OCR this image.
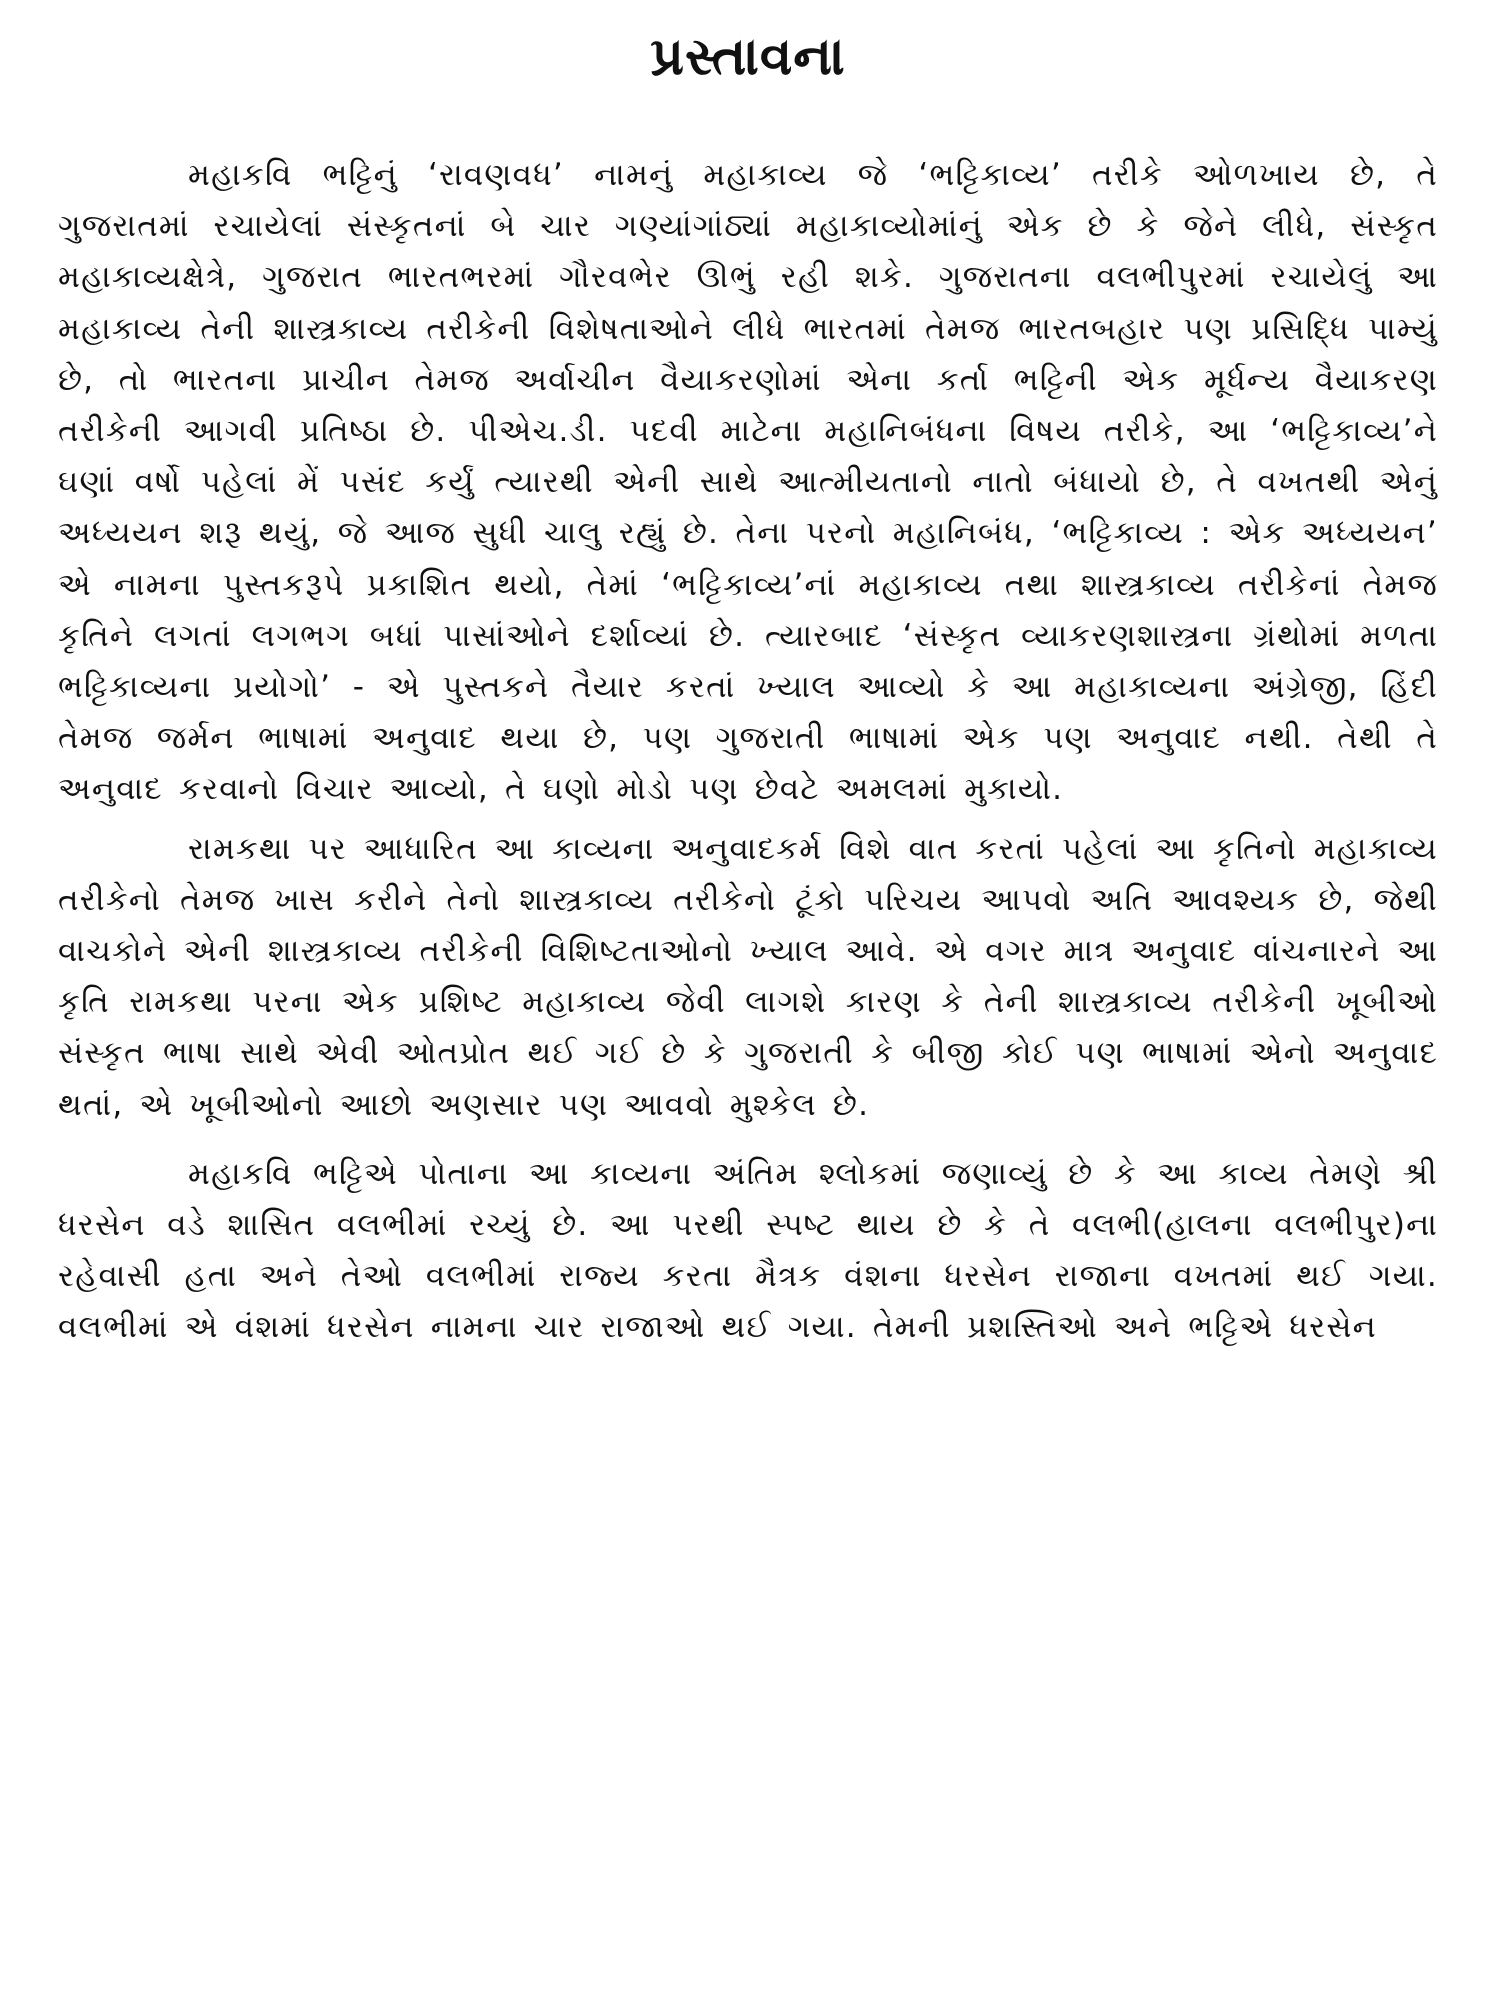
પ્રસ્તાવના

મહાકવિ ભટ્ટિનું ‘રાવણવધ’ નામનું મહાકાવ્ય જે ‘ભટ્ટિકાવ્ય’ તરીકે ઓળખાય છે, તે ગુજરાતમાં રચાયેલાં સંસ્કૃતનાં બે ચાર ગણ્યાંગાંઠ્યાં મહાકાવ્યોમાંનું એક છે કે જેને લીધે, સંસ્કૃત મહાકાવ્યક્ષેત્રે, ગુજરાત ભારતભરમાં ગૌરવભેર ઊભું રહી શકે. ગુજરાતના વલભીપુરમાં રચાયેલું આ મહાકાવ્ય તેની શાસ્ત્રકાવ્ય તરીકેની વિશેષતાઓને લીધે ભારતમાં તેમજ ભારતબહાર પણ પ્રસિદ્ધિ પામ્યું છે, તો ભારતના પ્રાચીન તેમજ અર્વાચીન વૈયાકરણોમાં એના કર્તા ભટ્ટિની એક મૂર્ધન્ય વૈયાકરણ તરીકેની આગવી પ્રતિષ્ઠા છે. પીએચ.ડી. પદવી માટેના મહાનિબંધના વિષય તરીકે, આ ‘ભટ્ટિકાવ્ય’ને ઘણાં વર્ષો પહેલાં મેં પસંદ કર્યું ત્યારથી એની સાથે આત્મીયતાનો નાતો બંધાયો છે, તે વખતથી એનું અધ્યયન શરૂ થયું, જે આજ સુધી ચાલુ રહ્યું છે. તેના પરનો મહાનિબંધ, ‘ભટ્ટિકાવ્ય : એક અધ્યયન’ એ નામના પુસ્તકરૂપે પ્રકાશિત થયો, તેમાં ‘ભટ્ટિકાવ્ય’નાં મહાકાવ્ય તથા શાસ્ત્રકાવ્ય તરીકેનાં તેમજ કૃતિને લગતાં લગભગ બધાં પાસાંઓને દર્શાવ્યાં છે. ત્યારબાદ ‘સંસ્કૃત વ્યાકરણશાસ્ત્રના ગ્રંથોમાં મળતા ભટ્ટિકાવ્યના પ્રયોગો’ - એ પુસ્તકને તૈયાર કરતાં ખ્યાલ આવ્યો કે આ મહાકાવ્યના અંગ્રેજી, હિંદી તેમજ જર્મન ભાષામાં અનુવાદ થયા છે, પણ ગુજરાતી ભાષામાં એક પણ અનુવાદ નથી. તેથી તે અનુવાદ કરવાનો વિચાર આવ્યો, તે ઘણો મોડો પણ છેવટે અમલમાં મુકાયો.

રામકથા પર આધારિત આ કાવ્યના અનુવાદકર્મ વિશે વાત કરતાં પહેલાં આ કૃતિનો મહાકાવ્ય તરીકેનો તેમજ ખાસ કરીને તેનો શાસ્ત્રકાવ્ય તરીકેનો ટૂંકો પરિચય આપવો અતિ આવશ્યક છે, જેથી વાચકોને એની શાસ્ત્રકાવ્ય તરીકેની વિશિષ્ટતાઓનો ખ્યાલ આવે. એ વગર માત્ર અનુવાદ વાંચનારને આ કૃતિ રામકથા પરના એક પ્રશિષ્ટ મહાકાવ્ય જેવી લાગશે કારણ કે તેની શાસ્ત્રકાવ્ય તરીકેની ખૂબીઓ સંસ્કૃત ભાષા સાથે એવી ઓતપ્રોત થઈ ગઈ છે કે ગુજરાતી કે બીજી કોઈ પણ ભાષામાં એનો અનુવાદ થતાં, એ ખૂબીઓનો આછો અણસાર પણ આવવો મુશ્કેલ છે.

મહાકવિ ભટ્ટિએ પોતાના આ કાવ્યના અંતિમ શ્લોકમાં જણાવ્યું છે કે આ કાવ્ય તેમણે શ્રી ધરસેન વડે શાસિત વલભીમાં રચ્યું છે. આ પરથી સ્પષ્ટ થાય છે કે તે વલભી(હાલના વલભીપુર)ના રહેવાસી હતા અને તેઓ વલભીમાં રાજ્ય કરતા મૈત્રક વંશના ધરસેન રાજાના વખતમાં થઈ ગયા. વલભીમાં એ વંશમાં ધરસેન નામના ચાર રાજાઓ થઈ ગયા. તેમની પ્રશસ્તિઓ અને ભટ્ટિએ ધરસેન
